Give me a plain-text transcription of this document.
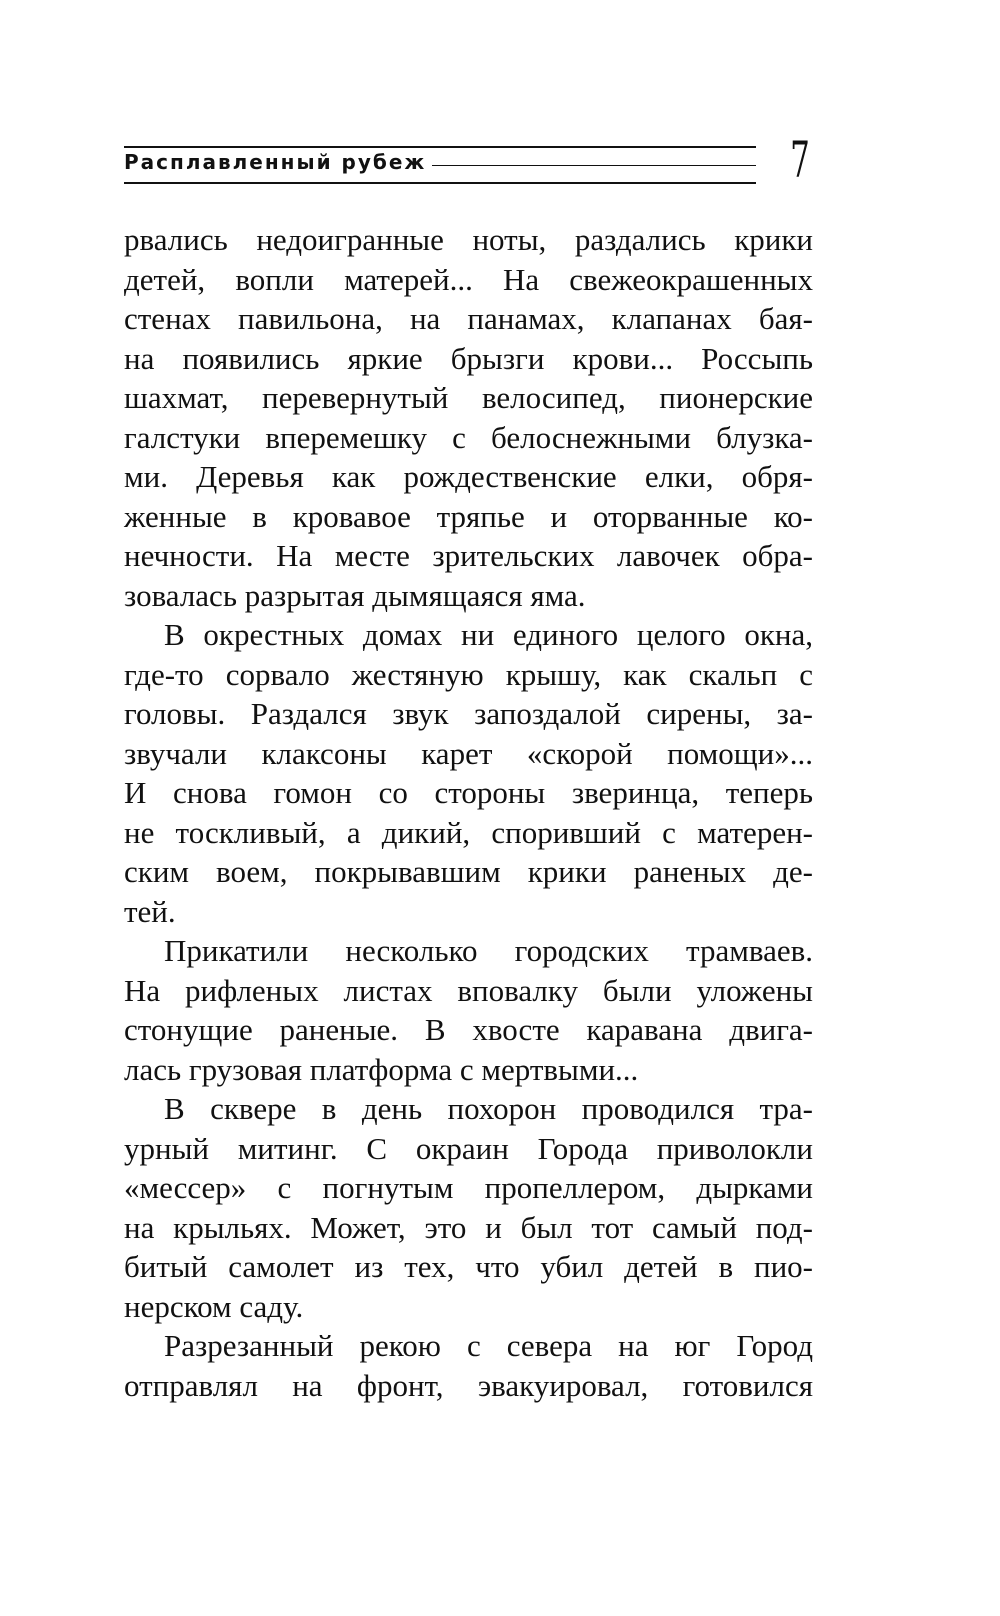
Расплавленный рубеж	7

рвались недоигранные ноты, раздались крики
детей, вопли матерей... На свежеокрашенных
стенах павильона, на панамах, клапанах бая-
на появились яркие брызги крови... Россыпь
шахмат, перевернутый велосипед, пионерские
галстуки вперемешку с белоснежными блузка-
ми. Деревья как рождественские елки, обря-
женные в кровавое тряпье и оторванные ко-
нечности. На месте зрительских лавочек обра-
зовалась разрытая дымящаяся яма.

В окрестных домах ни единого целого окна,
где-то сорвало жестяную крышу, как скальп с
головы. Раздался звук запоздалой сирены, за-
звучали клаксоны карет «скорой помощи»...
И снова гомон со стороны зверинца, теперь
не тоскливый, а дикий, споривший с матерeн-
ским воем, покрывавшим крики раненых де-
тей.

Прикатили несколько городских трамваев.
На рифленых листах вповалку были уложены
стонущие раненые. В хвосте каравана двига-
лась грузовая платформа с мертвыми...

В сквере в день похорон проводился тра-
урный митинг. С окраин Города приволокли
«мессер» с погнутым пропеллером, дырками
на крыльях. Может, это и был тот самый под-
битый самолет из тех, что убил детей в пио-
нерском саду.

Разрезанный рекою с севера на юг Город
отправлял на фронт, эвакуировал, готовился
